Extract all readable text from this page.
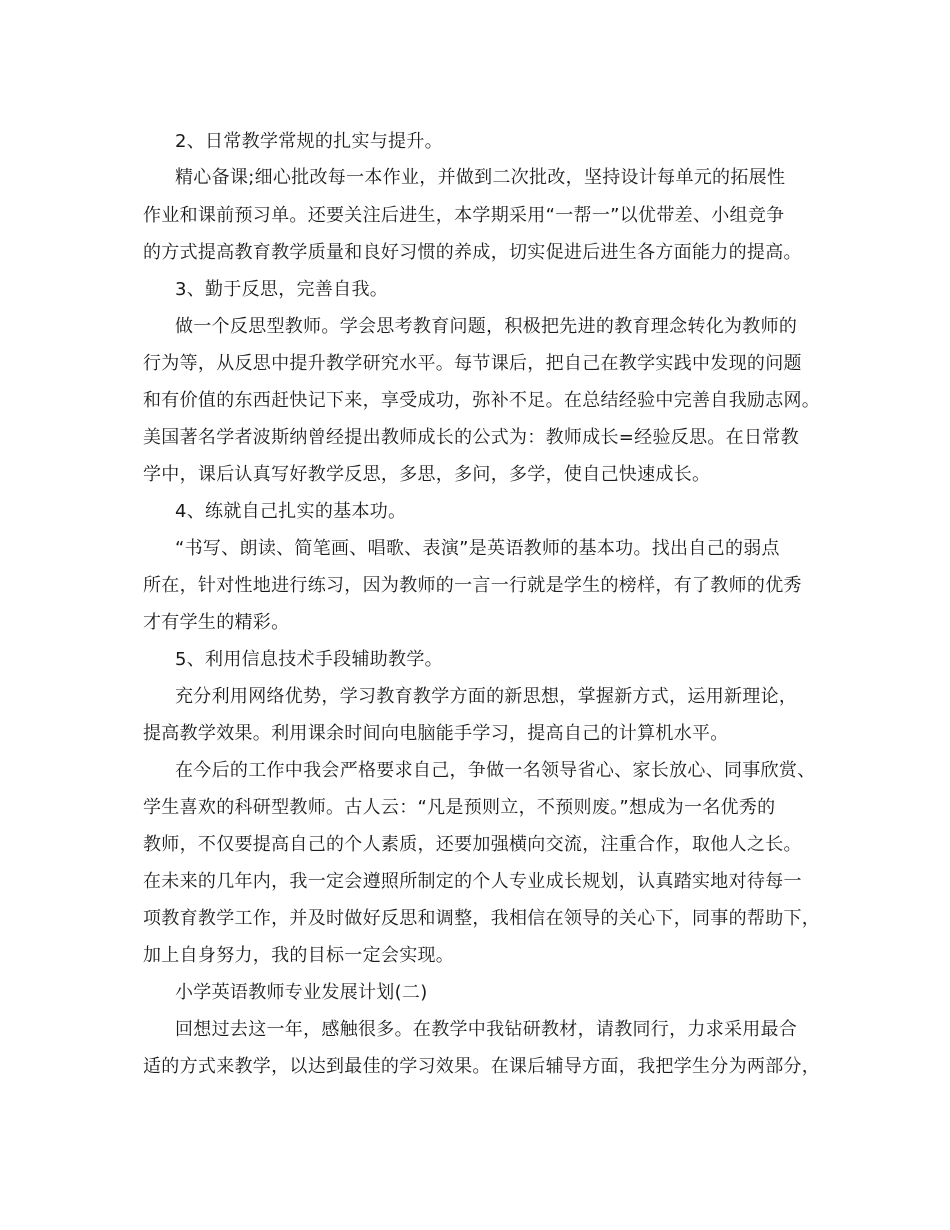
2、日常教学常规的扎实与提升。
精心备课;细心批改每一本作业，并做到二次批改，坚持设计每单元的拓展性
作业和课前预习单。还要关注后进生，本学期采用“一帮一”以优带差、小组竞争
的方式提高教育教学质量和良好习惯的养成，切实促进后进生各方面能力的提高。
3、勤于反思，完善自我。
做一个反思型教师。学会思考教育问题，积极把先进的教育理念转化为教师的
行为等，从反思中提升教学研究水平。每节课后，把自己在教学实践中发现的问题
和有价值的东西赶快记下来，享受成功，弥补不足。在总结经验中完善自我励志网。
美国著名学者波斯纳曾经提出教师成长的公式为：教师成长=经验反思。在日常教
学中，课后认真写好教学反思，多思，多问，多学，使自己快速成长。
4、练就自己扎实的基本功。
“书写、朗读、简笔画、唱歌、表演”是英语教师的基本功。找出自己的弱点
所在，针对性地进行练习，因为教师的一言一行就是学生的榜样，有了教师的优秀
才有学生的精彩。
5、利用信息技术手段辅助教学。
充分利用网络优势，学习教育教学方面的新思想，掌握新方式，运用新理论，
提高教学效果。利用课余时间向电脑能手学习，提高自己的计算机水平。
在今后的工作中我会严格要求自己，争做一名领导省心、家长放心、同事欣赏、
学生喜欢的科研型教师。古人云：“凡是预则立，不预则废。”想成为一名优秀的
教师，不仅要提高自己的个人素质，还要加强横向交流，注重合作，取他人之长。
在未来的几年内，我一定会遵照所制定的个人专业成长规划，认真踏实地对待每一
项教育教学工作，并及时做好反思和调整，我相信在领导的关心下，同事的帮助下，
加上自身努力，我的目标一定会实现。
小学英语教师专业发展计划(二)
回想过去这一年，感触很多。在教学中我钻研教材，请教同行，力求采用最合
适的方式来教学，以达到最佳的学习效果。在课后辅导方面，我把学生分为两部分，
